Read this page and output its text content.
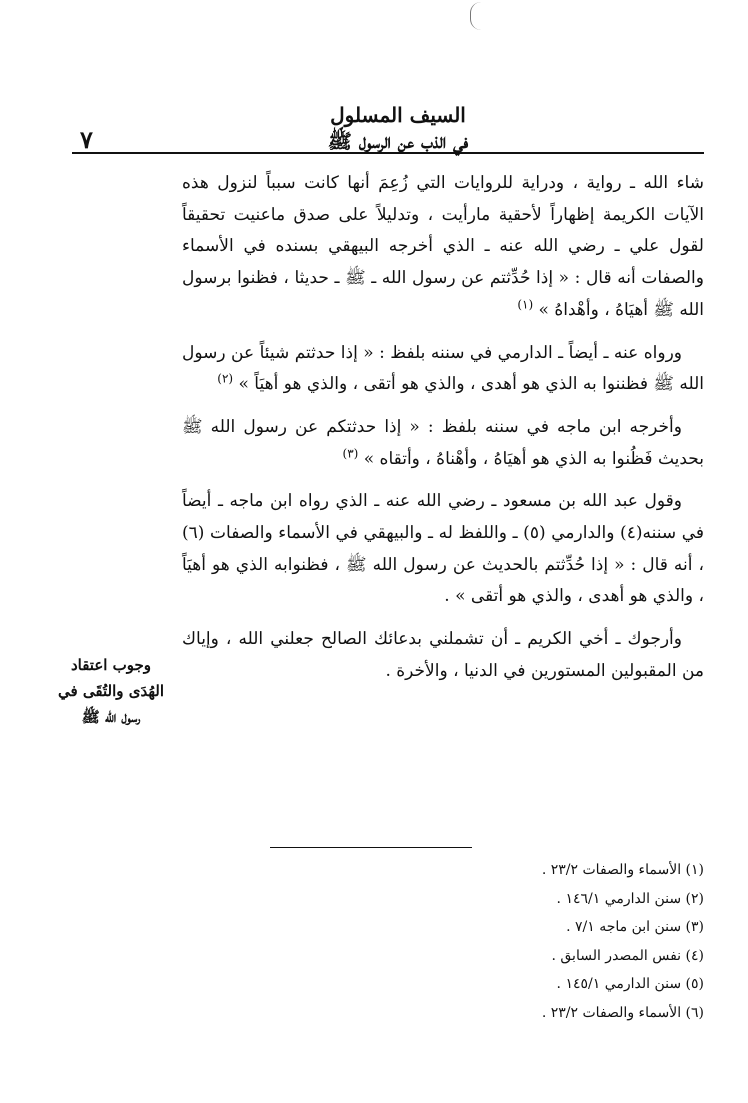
السيف المسلول
في الذب عن الرسول ﷺ
٧

شاء الله ـ رواية ، ودراية للروايات التي زُعِمَ أنها كانت سبباً لنزول هذه الآيات الكريمة إظهاراً لأحقية مارأيت ، وتدليلاً على صدق ماعنيت تحقيقاً لقول علي ـ رضي الله عنه ـ الذي أخرجه البيهقي بسنده في الأسماء والصفات أنه قال : « إذا حُدِّثتم عن رسول الله ـ ﷺ ـ حديثا ، فظنوا برسول الله ﷺ أهيَاهُ ، وأهْداهُ » $^{(١)}$

ورواه عنه ـ أيضاً ـ الدارمي في سننه بلفظ : « إذا حدثتم شيئاً عن رسول الله ﷺ فظننوا به الذي هو أهدى ، والذي هو أتقى ، والذي هو أهيَاً » $^{(٢)}$

وأخرجه ابن ماجه في سننه بلفظ : « إذا حدثتكم عن رسول الله ﷺ بحديث فَظُنوا به الذي هو أهيَاهُ ، وأهْناهُ ، وأتقاه » $^{(٣)}$

وقول عبد الله بن مسعود ـ رضي الله عنه ـ الذي رواه ابن ماجه ـ أيضاً في سننه(٤) والدارمي (٥) ـ واللفظ له ـ والبيهقي في الأسماء والصفات (٦) ، أنه قال : « إذا حُدِّثتم بالحديث عن رسول الله ﷺ ، فظنوابه الذي هو أهيَاً ، والذي هو أهدى ، والذي هو أتقى » .

وأرجوك ـ أخي الكريم ـ أن تشملني بدعائك الصالح جعلني الله ، وإياك من المقبولين المستورين في الدنيا ، والأخرة .

وجوب اعتقاد
الهُدَى والتُقَى في
رسول الله ﷺ
(١) الأسماء والصفات ٢٣/٢ .
(٢) سنن الدارمي ١٤٦/١ .
(٣) سنن ابن ماجه ٧/١ .
(٤) نفس المصدر السابق .
(٥) سنن الدارمي ١٤٥/١ .
(٦) الأسماء والصفات ٢٣/٢ .
